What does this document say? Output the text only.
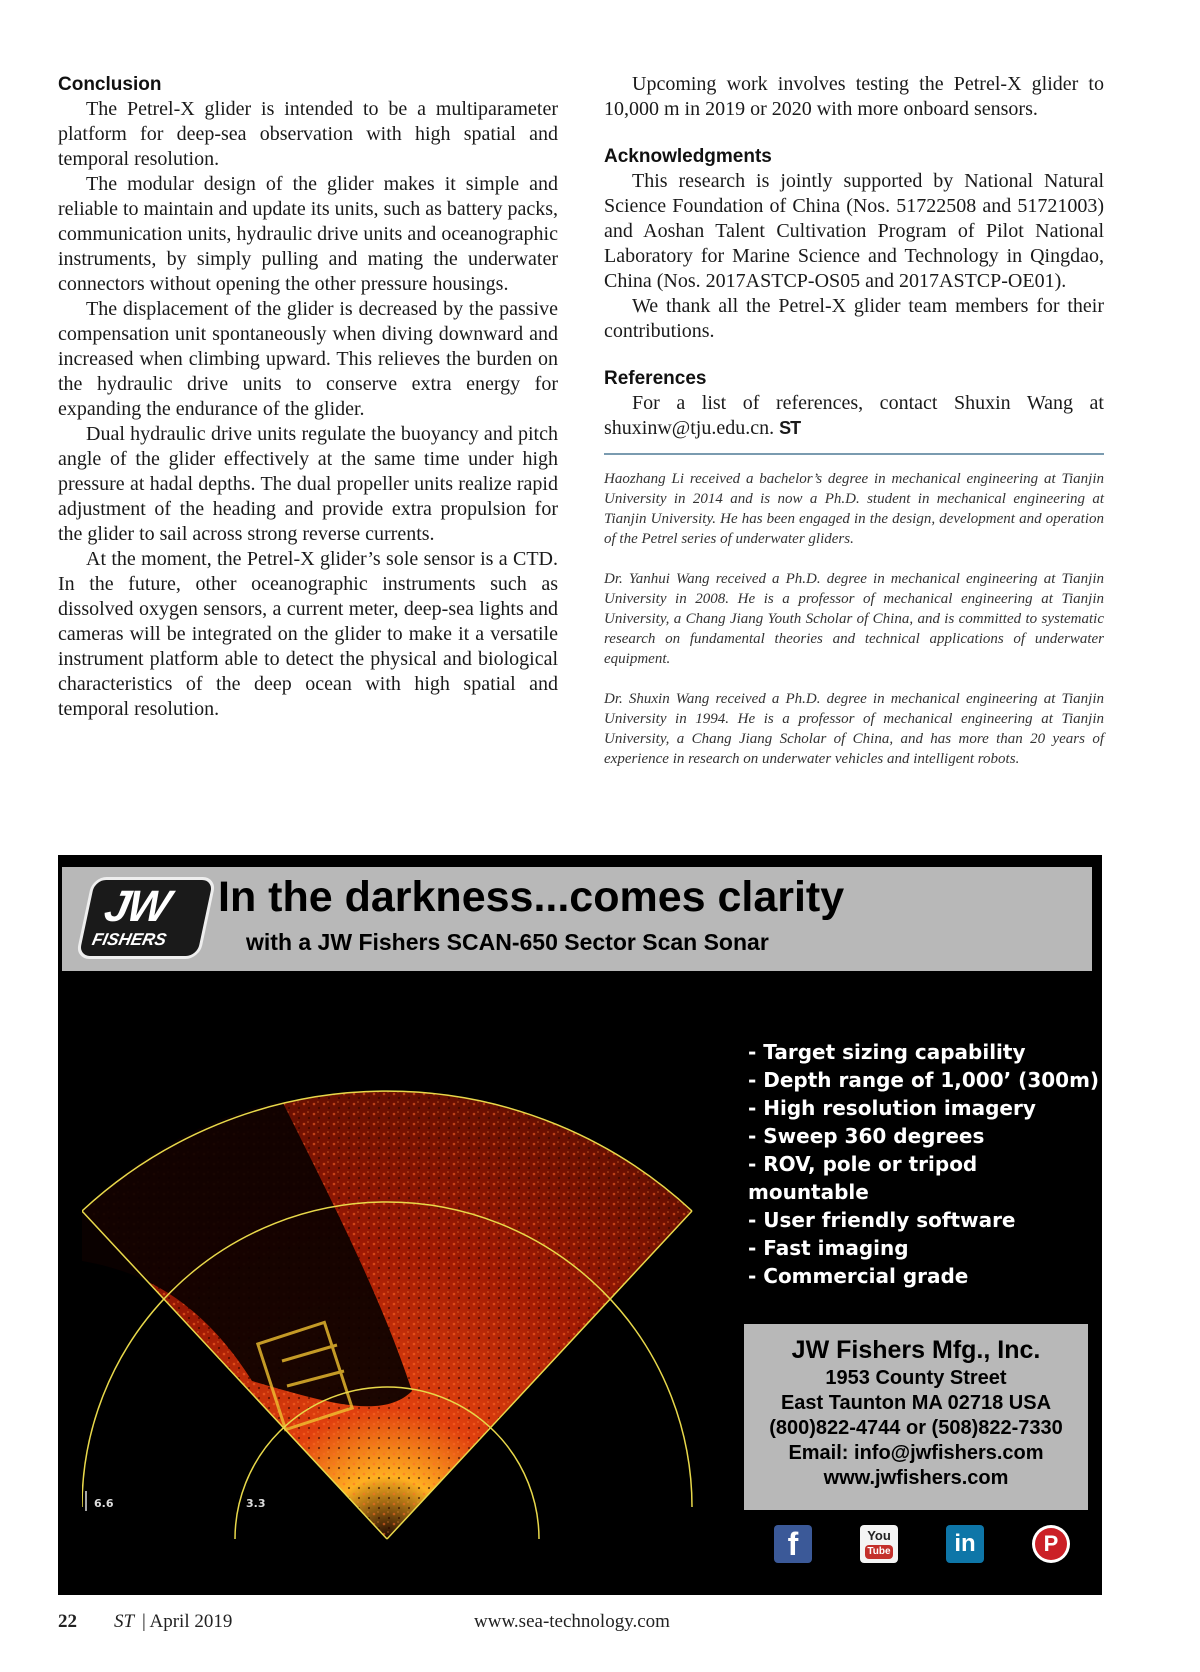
Conclusion

The Petrel-X glider is intended to be a multiparameter platform for deep-sea observation with high spatial and temporal resolution.

The modular design of the glider makes it simple and reliable to maintain and update its units, such as battery packs, communication units, hydraulic drive units and oceanographic instruments, by simply pulling and mating the underwater connectors without opening the other pressure housings.

The displacement of the glider is decreased by the passive compensation unit spontaneously when diving downward and increased when climbing upward. This relieves the burden on the hydraulic drive units to conserve extra energy for expanding the endurance of the glider.

Dual hydraulic drive units regulate the buoyancy and pitch angle of the glider effectively at the same time under high pressure at hadal depths. The dual propeller units realize rapid adjustment of the heading and provide extra propulsion for the glider to sail across strong reverse currents.

At the moment, the Petrel-X glider’s sole sensor is a CTD. In the future, other oceanographic instruments such as dissolved oxygen sensors, a current meter, deep-sea lights and cameras will be integrated on the glider to make it a versatile instrument platform able to detect the physical and biological characteristics of the deep ocean with high spatial and temporal resolution.

Upcoming work involves testing the Petrel-X glider to 10,000 m in 2019 or 2020 with more onboard sensors.

Acknowledgments

This research is jointly supported by National Natural Science Foundation of China (Nos. 51722508 and 51721003) and Aoshan Talent Cultivation Program of Pilot National Laboratory for Marine Science and Technology in Qingdao, China (Nos. 2017ASTCP-OS05 and 2017ASTCP-OE01).

We thank all the Petrel-X glider team members for their contributions.

References

For a list of references, contact Shuxin Wang at shuxinw@tju.edu.cn. ST

Haozhang Li received a bachelor’s degree in mechanical engineering at Tianjin University in 2014 and is now a Ph.D. student in mechanical engineering at Tianjin University. He has been engaged in the design, development and operation of the Petrel series of underwater gliders.

Dr. Yanhui Wang received a Ph.D. degree in mechanical engineering at Tianjin University in 2008. He is a professor of mechanical engineering at Tianjin University, a Chang Jiang Youth Scholar of China, and is committed to systematic research on fundamental theories and technical applications of underwater equipment.

Dr. Shuxin Wang received a Ph.D. degree in mechanical engineering at Tianjin University in 1994. He is a professor of mechanical engineering at Tianjin University, a Chang Jiang Scholar of China, and has more than 20 years of experience in research on underwater vehicles and intelligent robots.

JW
FISHERS
In the darkness...comes clarity
with a JW Fishers SCAN-650 Sector Scan Sonar
6.6	3.3
- Target sizing capability
- Depth range of 1,000’ (300m)
- High resolution imagery
- Sweep 360 degrees
- ROV, pole or tripod mountable
- User friendly software
- Fast imaging
- Commercial grade
JW Fishers Mfg., Inc.
1953 County Street
East Taunton MA 02718 USA
(800)822-4744 or (508)822-7330
Email: info@jwfishers.com
www.jwfishers.com
f	You
Tube	in	P
22 ST | April 2019	www.sea-technology.com
